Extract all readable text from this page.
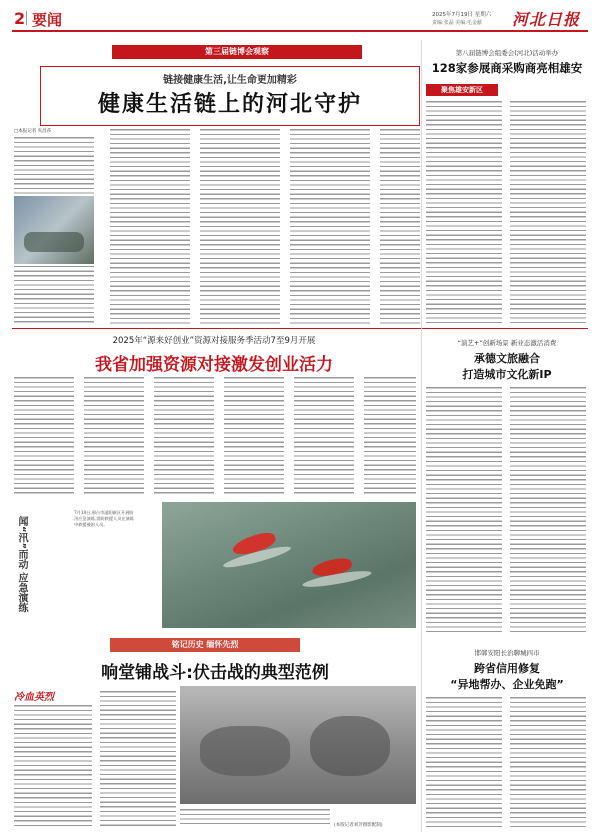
2 要闻	2025年7月19日 星期六
责编:张磊 美编:毛金献 河北日报
第三届链博会观察
链接健康生活,让生命更加精彩
健康生活链上的河北守护
□本报记者 夹昌莎
第八届链博会组委会(河北)活动举办
128家参展商采购商亮相雄安
聚焦雄安新区
2025年“源来好创业”资源对接服务季活动7至9月开展
我省加强资源对接激发创业活力
闻“汛”而动 应急演练
7月18日,邢台市滏阳新区开展防汛应急演练,消防救援人员在演练中救援被困人员。
“演艺+”创新场景 新业态激活消费
承德文旅融合
打造城市文化新IP
铭记历史 缅怀先烈
响堂铺战斗:伏击战的典型范例
冷血英烈
(本版记者刘芳摄影配制)
邯郸安阳长治聊城四市
跨省信用修复
“异地帮办、企业免跑”
